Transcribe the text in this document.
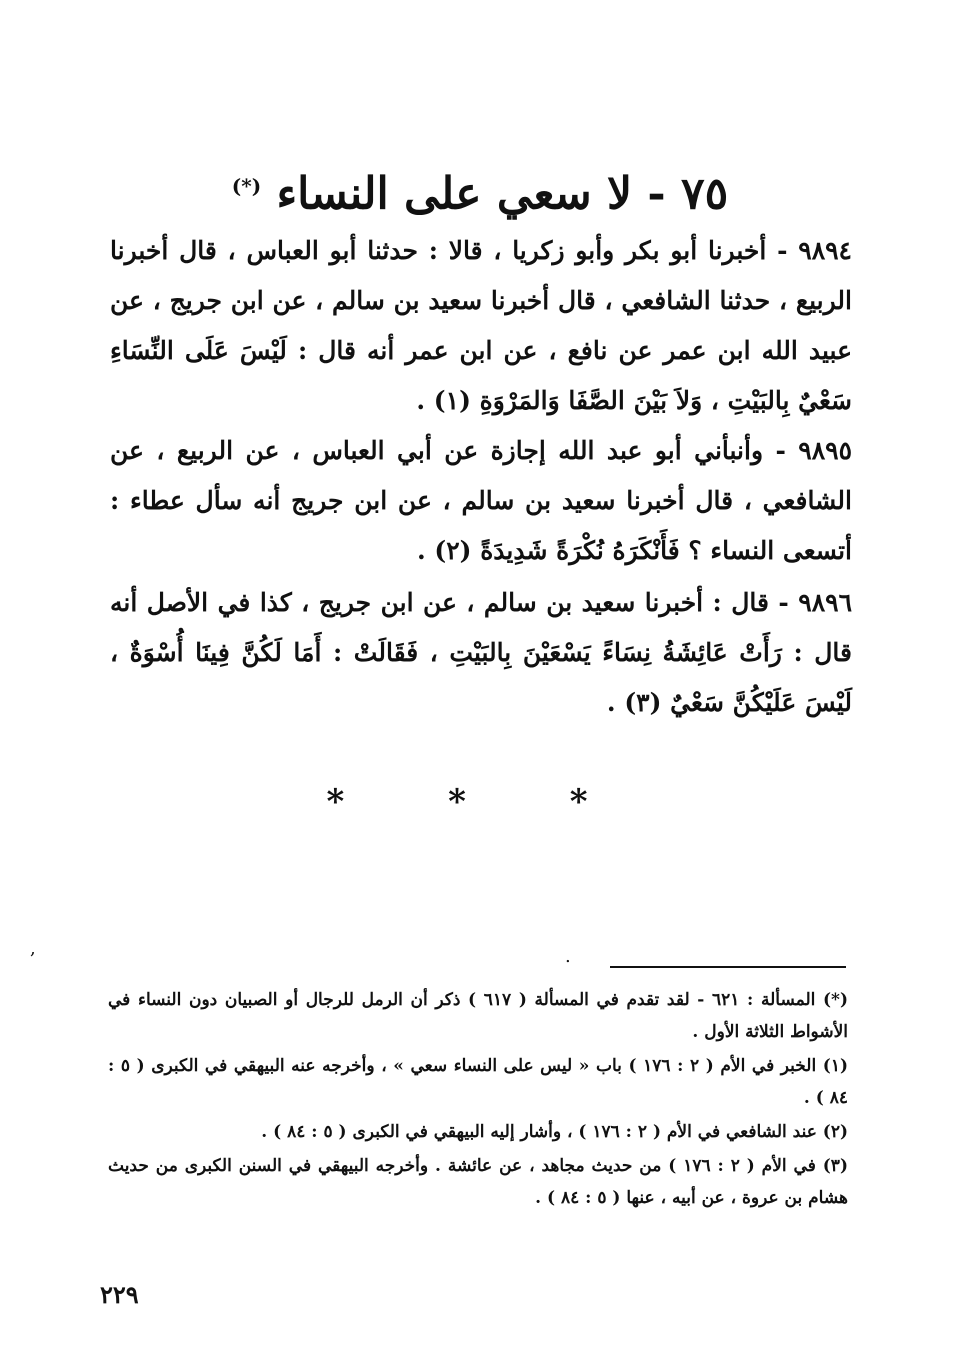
٧٥ - لا سعي على النساء (*)
٩٨٩٤ - أخبرنا أبو بكر وأبو زكريا ، قالا : حدثنا أبو العباس ، قال أخبرنا الربيع ، حدثنا الشافعي ، قال أخبرنا سعيد بن سالم ، عن ابن جريج ، عن عبيد الله ابن عمر عن نافع ، عن ابن عمر أنه قال : لَيْسَ عَلَى النِّسَاءِ سَعْيٌ بِالبَيْتِ ، وَلاَ بَيْنَ الصَّفَا وَالمَرْوَةِ (١) .
٩٨٩٥ - وأنبأني أبو عبد الله إجازة عن أبي العباس ، عن الربيع ، عن الشافعي ، قال أخبرنا سعيد بن سالم ، عن ابن جريج أنه سأل عطاء : أتسعى النساء ؟ فَأَنْكَرَهُ نُكْرَةً شَدِيدَةً (٢) .
٩٨٩٦ - قال : أخبرنا سعيد بن سالم ، عن ابن جريج ، كذا في الأصل أنه قال : رَأَتْ عَائِشَةُ نِسَاءً يَسْعَيْنَ بِالبَيْتِ ، فَقَالَتْ : أَمَا لَكُنَّ فِينَا أُسْوَةٌ ، لَيْسَ عَلَيْكُنَّ سَعْيٌ (٣) .
* * *
,	.

(*) المسألة : ٦٢١ - لقد تقدم في المسألة ( ٦١٧ ) ذكر أن الرمل للرجال أو الصبيان دون النساء في الأشواط الثلاثة الأول .

(١) الخبر في الأم ( ٢ : ١٧٦ ) باب « ليس على النساء سعي » ، وأخرجه عنه البيهقي في الكبرى ( ٥ : ٨٤ ) .

(٢) عند الشافعي في الأم ( ٢ : ١٧٦ ) ، وأشار إليه البيهقي في الكبرى ( ٥ : ٨٤ ) .

(٣) في الأم ( ٢ : ١٧٦ ) من حديث مجاهد ، عن عائشة . وأخرجه البيهقي في السنن الكبرى من حديث هشام بن عروة ، عن أبيه ، عنها ( ٥ : ٨٤ ) .

٢٢٩
